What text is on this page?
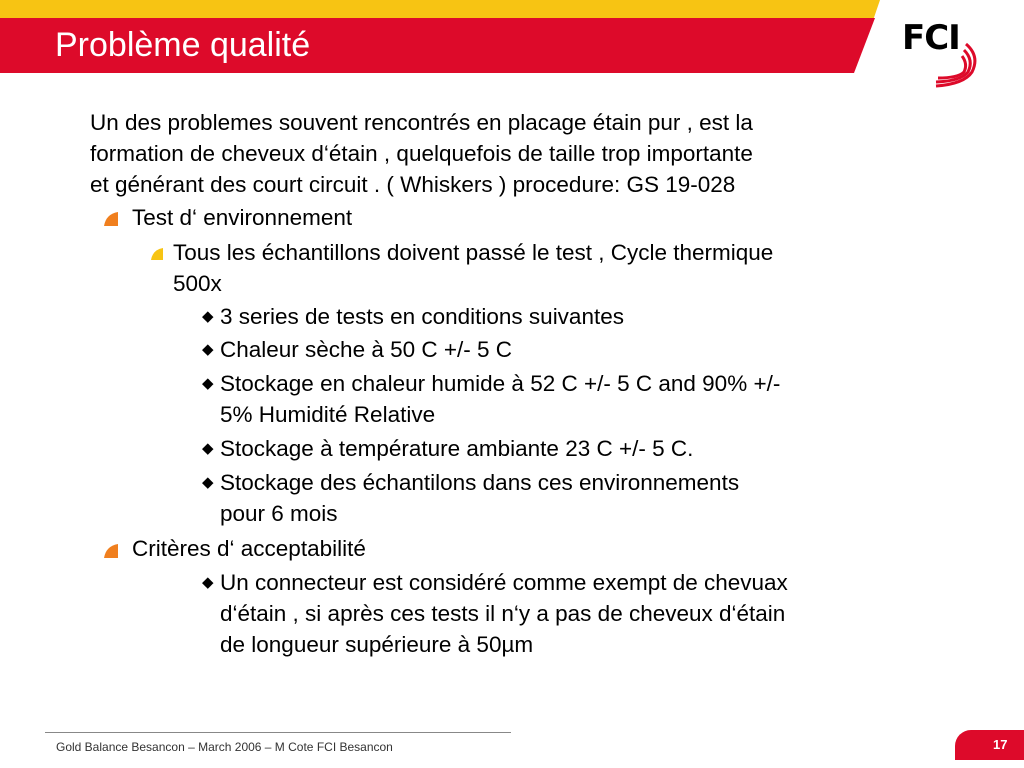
Problème qualité	FCI
Un des problemes souvent rencontrés en placage étain pur , est la
formation de cheveux d‘étain , quelquefois de taille trop importante
et générant des court circuit . ( Whiskers ) procedure: GS 19-028
Test d‘ environnement
Tous les échantillons doivent passé le test , Cycle thermique
500x
◆ 3 series de tests en conditions suivantes
◆ Chaleur sèche à 50 C +/- 5 C
◆ Stockage en chaleur humide à 52 C +/- 5 C and 90% +/-
5% Humidité Relative
◆ Stockage à température ambiante 23 C +/- 5 C.
◆ Stockage des échantilons dans ces environnements
pour 6 mois
Critères d‘ acceptabilité
◆ Un connecteur est considéré comme exempt de chevuax
d‘étain , si après ces tests il n‘y a pas de cheveux d‘étain
de longueur supérieure à 50µm
Gold Balance Besancon – March 2006 – M Cote FCI Besancon	17
